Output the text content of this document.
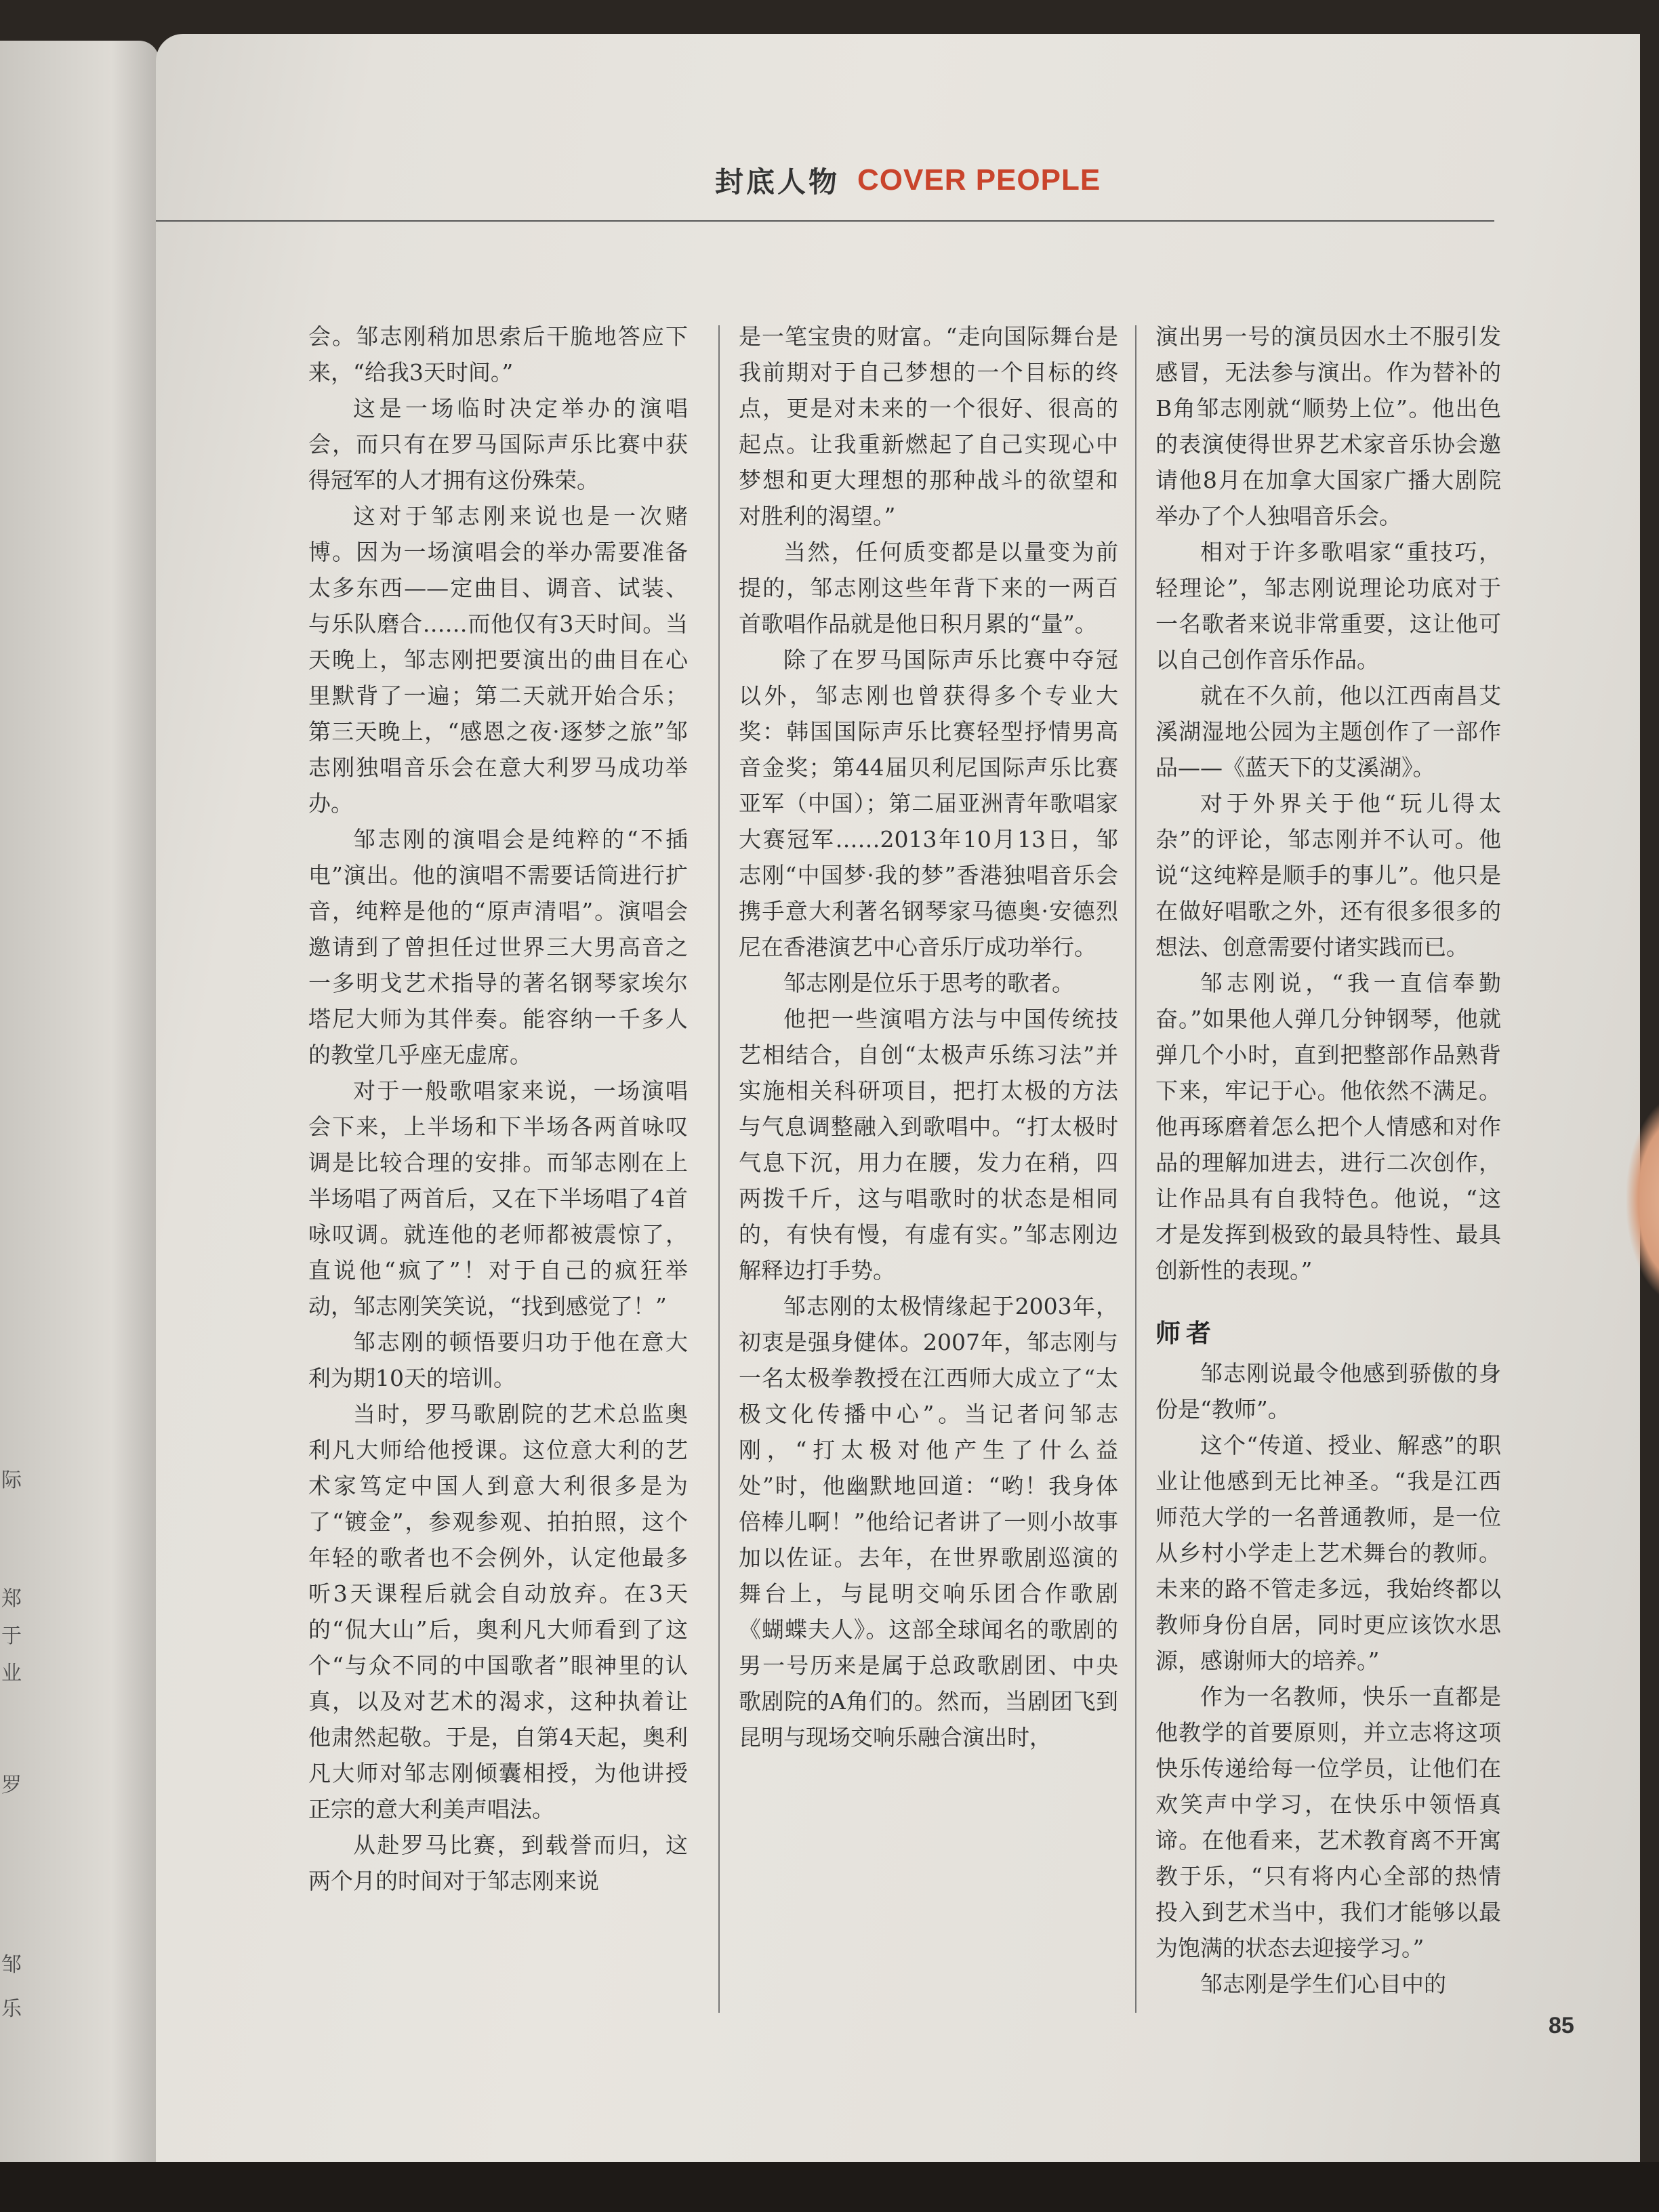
际
郑
于
业
罗
邹
乐
封底人物 COVER PEOPLE

会。邹志刚稍加思索后干脆地答应下来，“给我3天时间。”

这是一场临时决定举办的演唱会，而只有在罗马国际声乐比赛中获得冠军的人才拥有这份殊荣。

这对于邹志刚来说也是一次赌博。因为一场演唱会的举办需要准备太多东西——定曲目、调音、试装、与乐队磨合……而他仅有3天时间。当天晚上，邹志刚把要演出的曲目在心里默背了一遍；第二天就开始合乐；第三天晚上，“感恩之夜·逐梦之旅”邹志刚独唱音乐会在意大利罗马成功举办。

邹志刚的演唱会是纯粹的“不插电”演出。他的演唱不需要话筒进行扩音，纯粹是他的“原声清唱”。演唱会邀请到了曾担任过世界三大男高音之一多明戈艺术指导的著名钢琴家埃尔塔尼大师为其伴奏。能容纳一千多人的教堂几乎座无虚席。

对于一般歌唱家来说，一场演唱会下来，上半场和下半场各两首咏叹调是比较合理的安排。而邹志刚在上半场唱了两首后，又在下半场唱了4首咏叹调。就连他的老师都被震惊了，直说他“疯了”！对于自己的疯狂举动，邹志刚笑笑说，“找到感觉了！”

邹志刚的顿悟要归功于他在意大利为期10天的培训。

当时，罗马歌剧院的艺术总监奥利凡大师给他授课。这位意大利的艺术家笃定中国人到意大利很多是为了“镀金”，参观参观、拍拍照，这个年轻的歌者也不会例外，认定他最多听3天课程后就会自动放弃。在3天的“侃大山”后，奥利凡大师看到了这个“与众不同的中国歌者”眼神里的认真，以及对艺术的渴求，这种执着让他肃然起敬。于是，自第4天起，奥利凡大师对邹志刚倾囊相授，为他讲授正宗的意大利美声唱法。

从赴罗马比赛，到载誉而归，这两个月的时间对于邹志刚来说

是一笔宝贵的财富。“走向国际舞台是我前期对于自己梦想的一个目标的终点，更是对未来的一个很好、很高的起点。让我重新燃起了自己实现心中梦想和更大理想的那种战斗的欲望和对胜利的渴望。”

当然，任何质变都是以量变为前提的，邹志刚这些年背下来的一两百首歌唱作品就是他日积月累的“量”。

除了在罗马国际声乐比赛中夺冠以外，邹志刚也曾获得多个专业大奖：韩国国际声乐比赛轻型抒情男高音金奖；第44届贝利尼国际声乐比赛亚军（中国）；第二届亚洲青年歌唱家大赛冠军……2013年10月13日，邹志刚“中国梦·我的梦”香港独唱音乐会携手意大利著名钢琴家马德奥·安德烈尼在香港演艺中心音乐厅成功举行。

邹志刚是位乐于思考的歌者。

他把一些演唱方法与中国传统技艺相结合，自创“太极声乐练习法”并实施相关科研项目，把打太极的方法与气息调整融入到歌唱中。“打太极时气息下沉，用力在腰，发力在稍，四两拨千斤，这与唱歌时的状态是相同的，有快有慢，有虚有实。”邹志刚边解释边打手势。

邹志刚的太极情缘起于2003年，初衷是强身健体。2007年，邹志刚与一名太极拳教授在江西师大成立了“太极文化传播中心”。当记者问邹志刚，“打太极对他产生了什么益处”时，他幽默地回道：“哟！我身体倍棒儿啊！”他给记者讲了一则小故事加以佐证。去年，在世界歌剧巡演的舞台上，与昆明交响乐团合作歌剧《蝴蝶夫人》。这部全球闻名的歌剧的男一号历来是属于总政歌剧团、中央歌剧院的A角们的。然而，当剧团飞到昆明与现场交响乐融合演出时，

演出男一号的演员因水土不服引发感冒，无法参与演出。作为替补的B角邹志刚就“顺势上位”。他出色的表演使得世界艺术家音乐协会邀请他8月在加拿大国家广播大剧院举办了个人独唱音乐会。

相对于许多歌唱家“重技巧，轻理论”，邹志刚说理论功底对于一名歌者来说非常重要，这让他可以自己创作音乐作品。

就在不久前，他以江西南昌艾溪湖湿地公园为主题创作了一部作品——《蓝天下的艾溪湖》。

对于外界关于他“玩儿得太杂”的评论，邹志刚并不认可。他说“这纯粹是顺手的事儿”。他只是在做好唱歌之外，还有很多很多的想法、创意需要付诸实践而已。

邹志刚说，“我一直信奉勤奋。”如果他人弹几分钟钢琴，他就弹几个小时，直到把整部作品熟背下来，牢记于心。他依然不满足。他再琢磨着怎么把个人情感和对作品的理解加进去，进行二次创作，让作品具有自我特色。他说，“这才是发挥到极致的最具特性、最具创新性的表现。”

师者

邹志刚说最令他感到骄傲的身份是“教师”。

这个“传道、授业、解惑”的职业让他感到无比神圣。“我是江西师范大学的一名普通教师，是一位从乡村小学走上艺术舞台的教师。未来的路不管走多远，我始终都以教师身份自居，同时更应该饮水思源，感谢师大的培养。”

作为一名教师，快乐一直都是他教学的首要原则，并立志将这项快乐传递给每一位学员，让他们在欢笑声中学习，在快乐中领悟真谛。在他看来，艺术教育离不开寓教于乐，“只有将内心全部的热情投入到艺术当中，我们才能够以最为饱满的状态去迎接学习。”

邹志刚是学生们心目中的

85
